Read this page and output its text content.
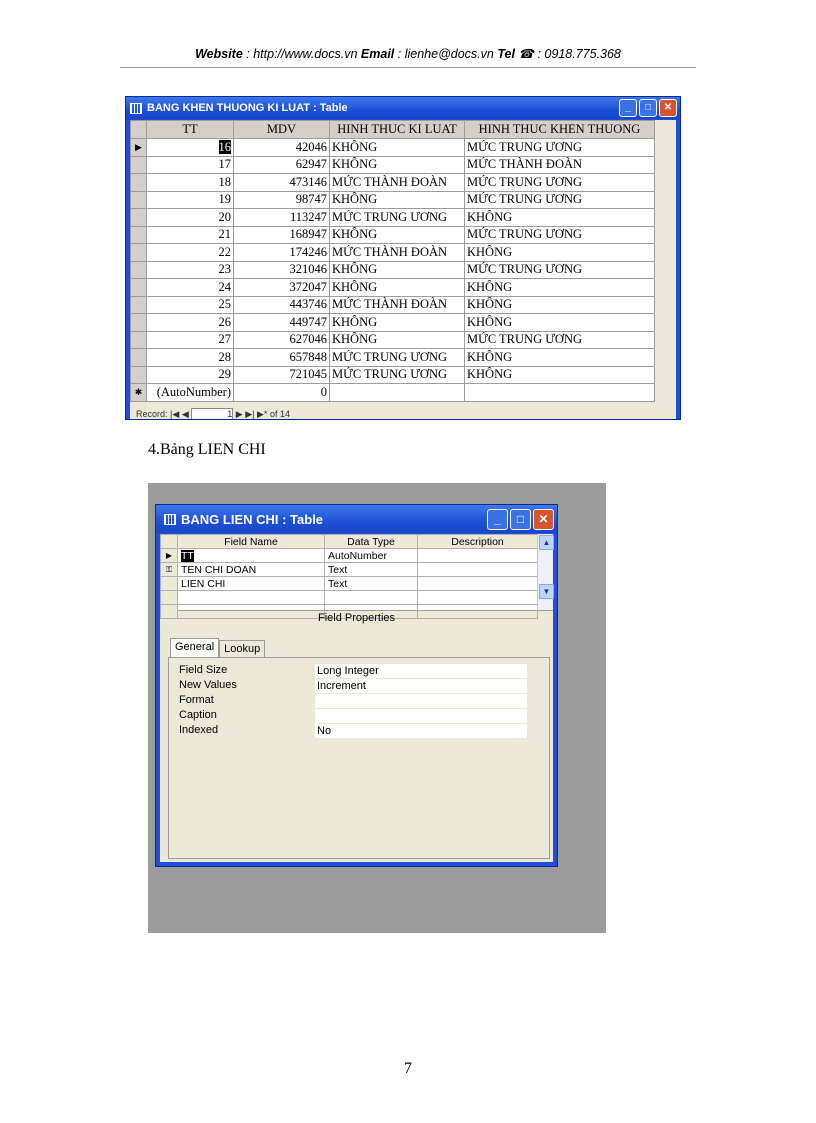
Website : http://www.docs.vn Email : lienhe@docs.vn Tel ☎ : 0918.775.368
BANG KHEN THUONG KI LUAT : Table	_	□	✕
	TT	MDV	HINH THUC KI LUAT	HINH THUC KHEN THUONG
▶	16	42046	KHÔNG	MỨC TRUNG ƯƠNG
	17	62947	KHÔNG	MỨC THÀNH ĐOÀN
	18	473146	MỨC THÀNH ĐOÀN	MỨC TRUNG ƯƠNG
	19	98747	KHÔNG	MỨC TRUNG ƯƠNG
	20	113247	MỨC TRUNG ƯƠNG	KHÔNG
	21	168947	KHÔNG	MỨC TRUNG ƯƠNG
	22	174246	MỨC THÀNH ĐOÀN	KHÔNG
	23	321046	KHÔNG	MỨC TRUNG ƯƠNG
	24	372047	KHÔNG	KHÔNG
	25	443746	MỨC THÀNH ĐOÀN	KHÔNG
	26	449747	KHÔNG	KHÔNG
	27	627046	KHÔNG	MỨC TRUNG ƯƠNG
	28	657848	MỨC TRUNG ƯƠNG	KHÔNG
	29	721045	MỨC TRUNG ƯƠNG	KHÔNG
✱	(AutoNumber)	0		
Record: |◀ ◀	1 ▶ ▶| ▶* of 14
4.Bảng LIEN CHI
BANG LIEN CHI : Table	_	□	✕
	Field Name	Data Type	Description
▶	TT	AutoNumber	
⚿	TEN CHI DOAN	Text	
	LIEN CHI	Text	

▲
▼
Field Properties
General Lookup
Field Size	Long Integer
New Values	Increment
Format
Caption
Indexed	No
7
